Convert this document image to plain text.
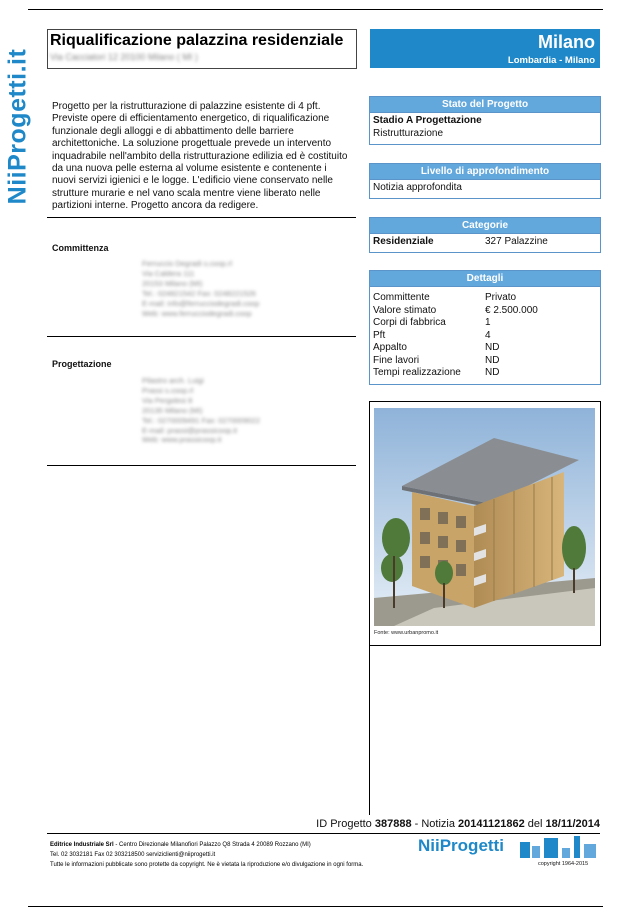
NiiProgetti.it
Riqualificazione palazzina residenziale
Via Cacciatori 12 20100 Milano ( MI )
Milano
Lombardia - Milano
Progetto per la ristrutturazione di palazzine esistente di 4 pft. Previste opere di efficientamento energetico, di riqualificazione funzionale degli alloggi e di abbattimento delle barriere architettoniche. La soluzione progettuale prevede un intervento inquadrabile nell'ambito della ristrutturazione edilizia ed è costituito da una nuova pelle esterna al volume esistente e contenente i nuovi servizi igienici e le logge. L'edificio viene conservato nelle strutture murarie e nel vano scala mentre viene liberato nelle partizioni interne. Progetto ancora da redigere.
Committenza
Ferruccio Degradi s.coop.rl
Via Caldera 111
20153 Milano (MI)
Tel.: 024821542 Fax: 0248221526
E-mail: info@ferrucciodegradi.coop
Web: www.ferrucciodegradi.coop
Progettazione
Pilastro arch. Luigi
Prassi s.coop.rl
Via Pergolesi 8
20135 Milano (MI)
Tel.: 0270009491 Fax: 0270009022
E-mail: prassi@prassicoop.it
Web: www.prassicoop.it
Stato del Progetto
Stadio A Progettazione
Ristrutturazione
Livello di approfondimento
Notizia approfondita
Categorie
Residenziale	327 Palazzine
Dettagli
Committente	Privato
Valore stimato	€ 2.500.000
Corpi di fabbrica	1
Pft	4
Appalto	ND
Fine lavori	ND
Tempi realizzazione	ND
Fonte: www.urbanpromo.it
ID Progetto 387888 - Notizia 20141121862 del 18/11/2014
Editrice Industriale Srl - Centro Direzionale Milanofiori Palazzo Q8 Strada 4 20089 Rozzano (MI)
Tel. 02 3032181 Fax 02 303218500 serviziclienti@niiprogetti.it
Tutte le informazioni pubblicate sono protette da copyright. Ne è vietata la riproduzione e/o divulgazione in ogni forma.
NiiProgetti
copyright 1964-2015
